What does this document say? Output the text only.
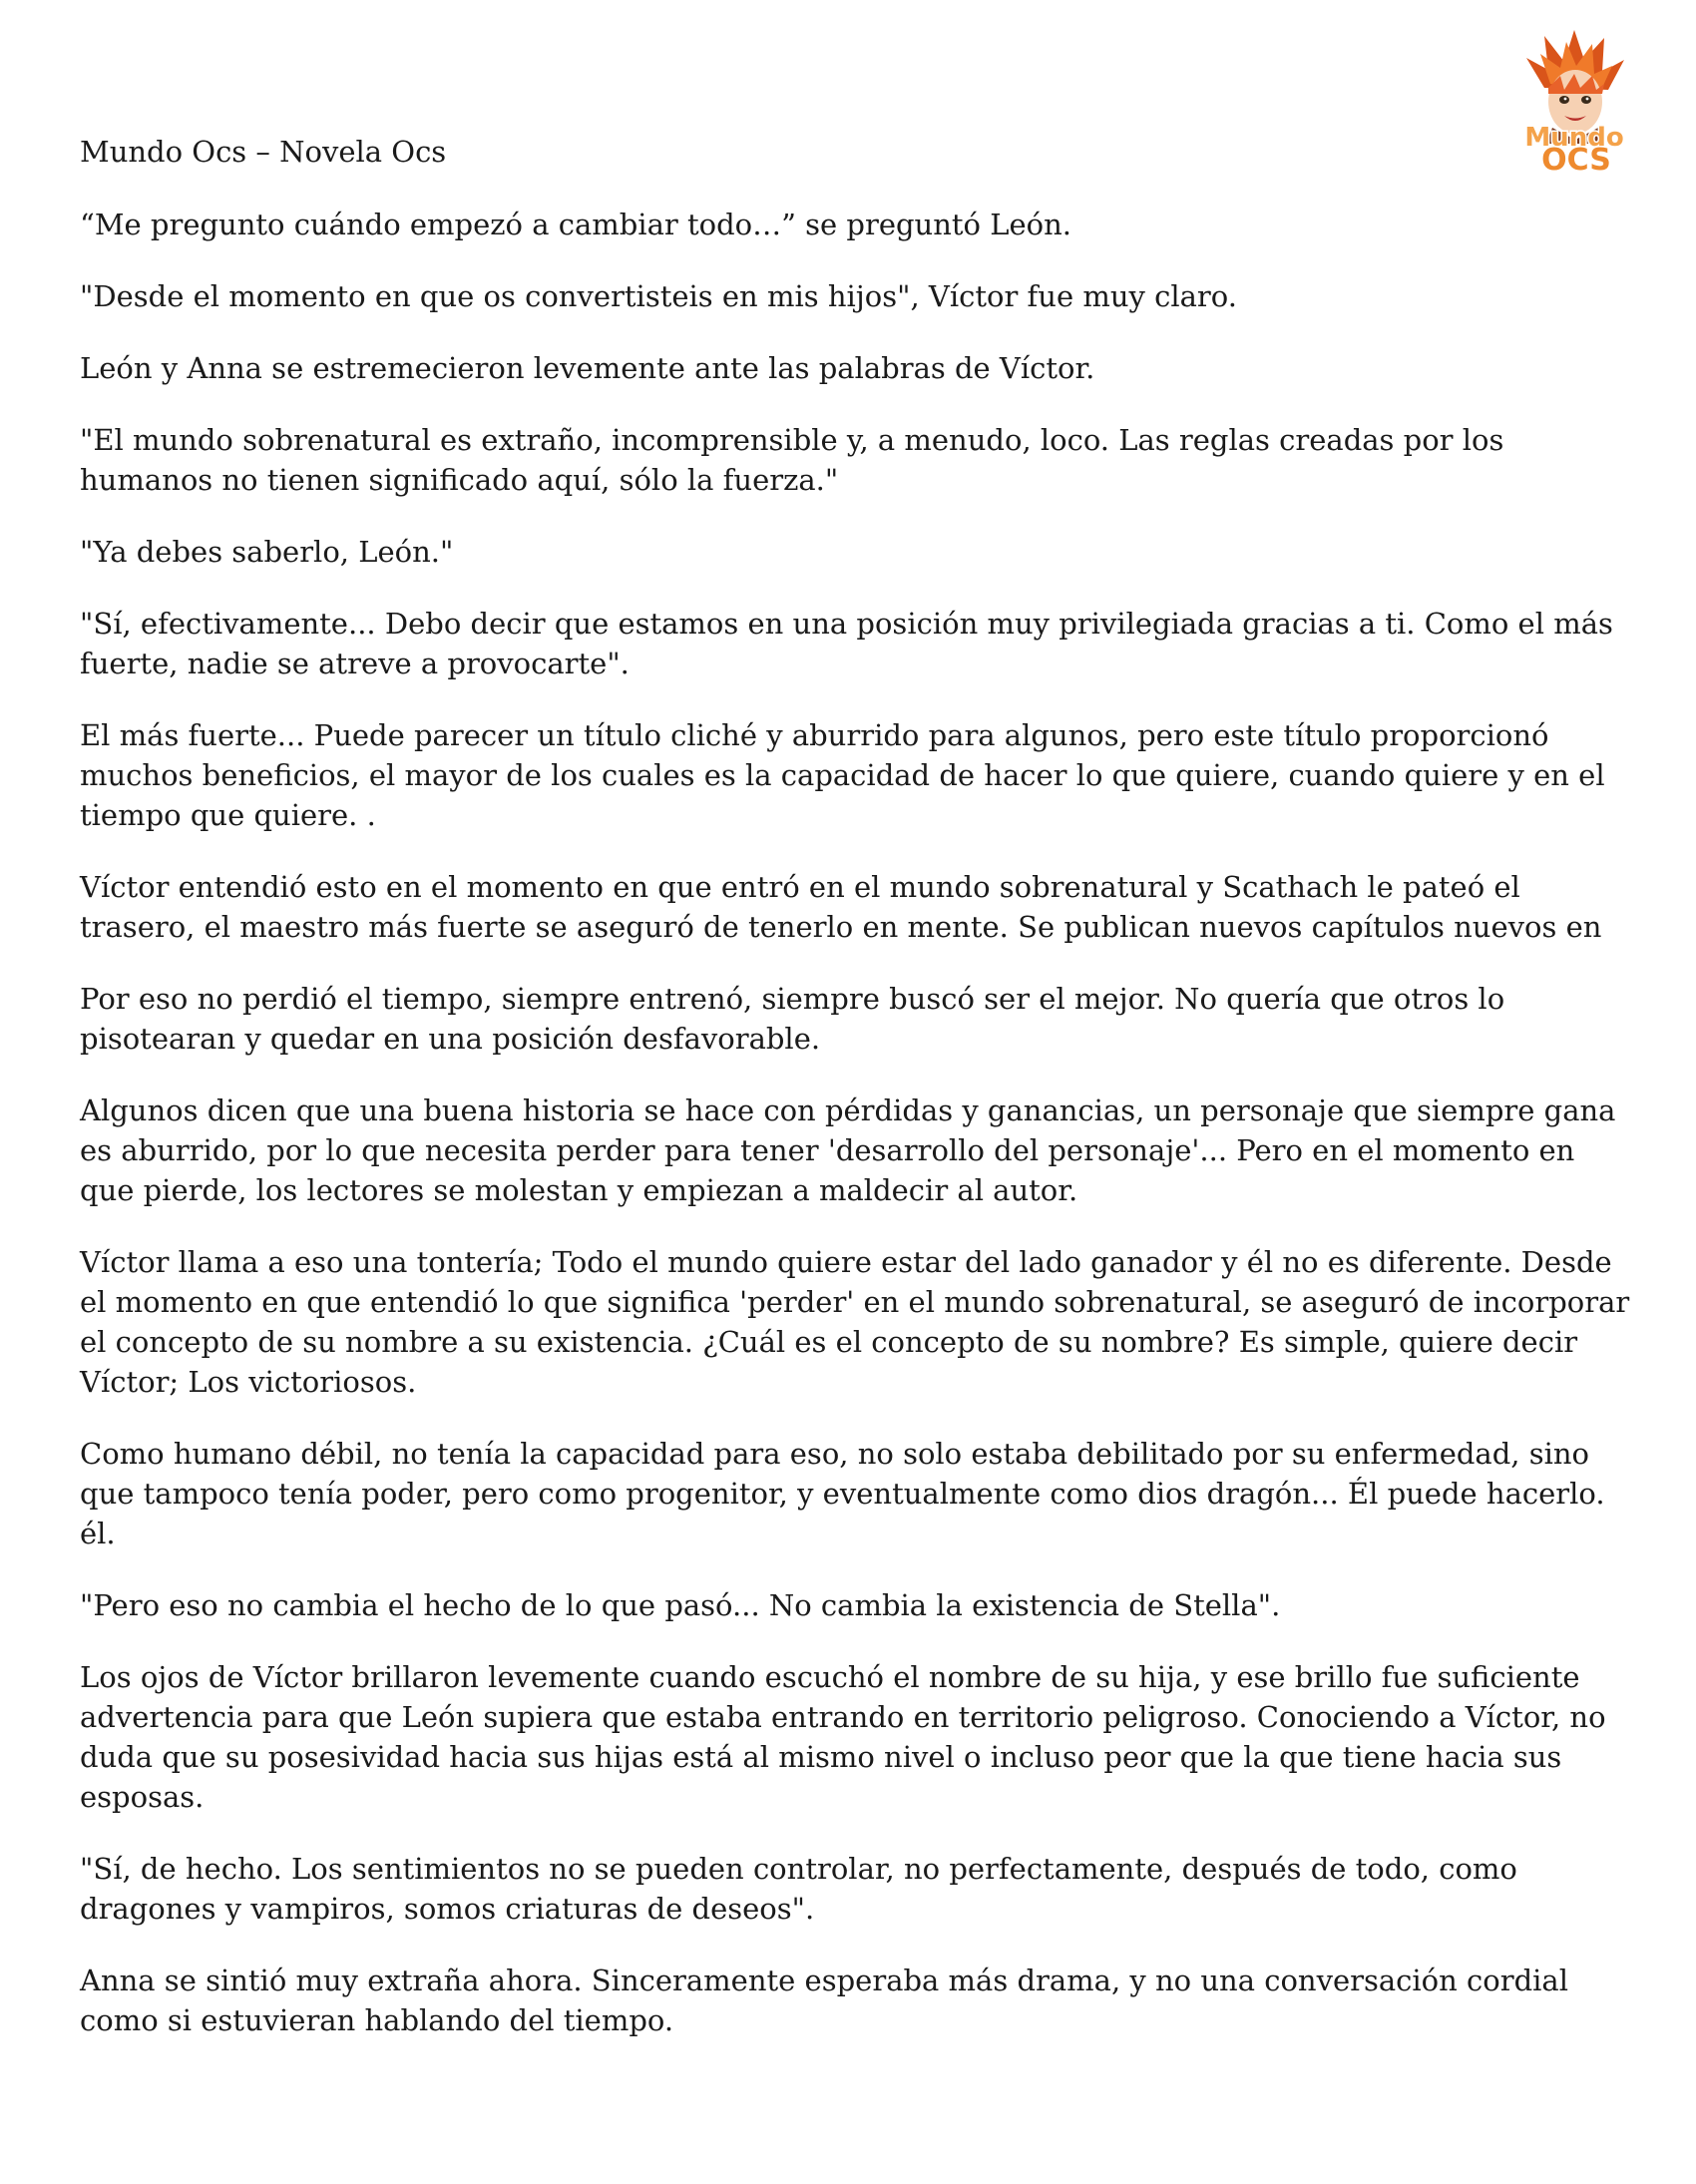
Mundo
OCS

Mundo Ocs – Novela Ocs

“Me pregunto cuándo empezó a cambiar todo…” se preguntó León.

"Desde el momento en que os convertisteis en mis hijos", Víctor fue muy claro.

León y Anna se estremecieron levemente ante las palabras de Víctor.

"El mundo sobrenatural es extraño, incomprensible y, a menudo, loco. Las reglas creadas por los humanos no tienen significado aquí, sólo la fuerza."

"Ya debes saberlo, León."

"Sí, efectivamente... Debo decir que estamos en una posición muy privilegiada gracias a ti. Como el más fuerte, nadie se atreve a provocarte".

El más fuerte... Puede parecer un título cliché y aburrido para algunos, pero este título proporcionó muchos beneficios, el mayor de los cuales es la capacidad de hacer lo que quiere, cuando quiere y en el tiempo que quiere. .

Víctor entendió esto en el momento en que entró en el mundo sobrenatural y Scathach le pateó el trasero, el maestro más fuerte se aseguró de tenerlo en mente. Se publican nuevos capítulos nuevos en

Por eso no perdió el tiempo, siempre entrenó, siempre buscó ser el mejor. No quería que otros lo pisotearan y quedar en una posición desfavorable.

Algunos dicen que una buena historia se hace con pérdidas y ganancias, un personaje que siempre gana es aburrido, por lo que necesita perder para tener 'desarrollo del personaje'... Pero en el momento en que pierde, los lectores se molestan y empiezan a maldecir al autor.

Víctor llama a eso una tontería; Todo el mundo quiere estar del lado ganador y él no es diferente. Desde el momento en que entendió lo que significa 'perder' en el mundo sobrenatural, se aseguró de incorporar el concepto de su nombre a su existencia. ¿Cuál es el concepto de su nombre? Es simple, quiere decir Víctor; Los victoriosos.

Como humano débil, no tenía la capacidad para eso, no solo estaba debilitado por su enfermedad, sino que tampoco tenía poder, pero como progenitor, y eventualmente como dios dragón... Él puede hacerlo. él.

"Pero eso no cambia el hecho de lo que pasó... No cambia la existencia de Stella".

Los ojos de Víctor brillaron levemente cuando escuchó el nombre de su hija, y ese brillo fue suficiente advertencia para que León supiera que estaba entrando en territorio peligroso. Conociendo a Víctor, no duda que su posesividad hacia sus hijas está al mismo nivel o incluso peor que la que tiene hacia sus esposas.

"Sí, de hecho. Los sentimientos no se pueden controlar, no perfectamente, después de todo, como dragones y vampiros, somos criaturas de deseos".

Anna se sintió muy extraña ahora. Sinceramente esperaba más drama, y no una conversación cordial como si estuvieran hablando del tiempo.
